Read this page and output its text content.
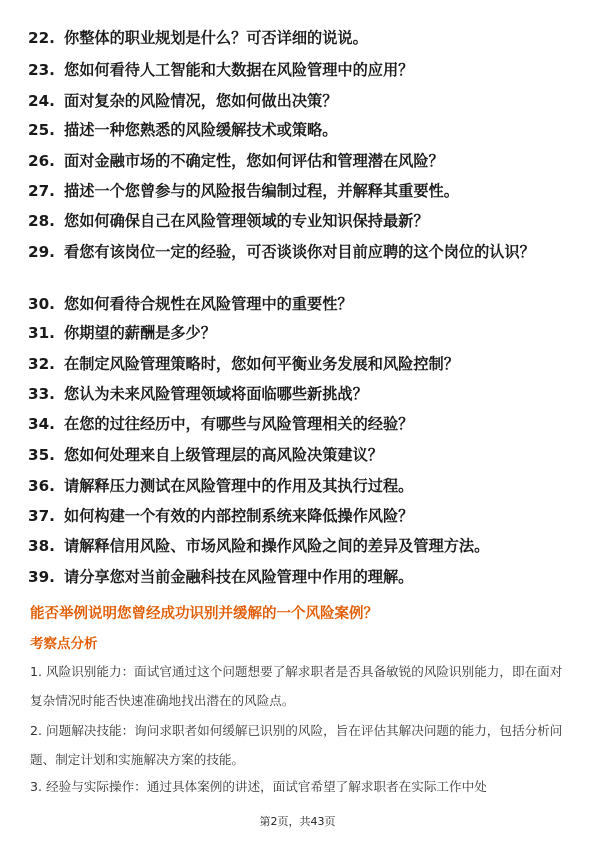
22. 你整体的职业规划是什么？可否详细的说说。
23. 您如何看待人工智能和大数据在风险管理中的应用？
24. 面对复杂的风险情况，您如何做出决策？
25. 描述一种您熟悉的风险缓解技术或策略。
26. 面对金融市场的不确定性，您如何评估和管理潜在风险？
27. 描述一个您曾参与的风险报告编制过程，并解释其重要性。
28. 您如何确保自己在风险管理领域的专业知识保持最新？
29. 看您有该岗位一定的经验，可否谈谈你对目前应聘的这个岗位的认识？
30. 您如何看待合规性在风险管理中的重要性？
31. 你期望的薪酬是多少？
32. 在制定风险管理策略时，您如何平衡业务发展和风险控制？
33. 您认为未来风险管理领域将面临哪些新挑战？
34. 在您的过往经历中，有哪些与风险管理相关的经验？
35. 您如何处理来自上级管理层的高风险决策建议？
36. 请解释压力测试在风险管理中的作用及其执行过程。
37. 如何构建一个有效的内部控制系统来降低操作风险？
38. 请解释信用风险、市场风险和操作风险之间的差异及管理方法。
39. 请分享您对当前金融科技在风险管理中作用的理解。
能否举例说明您曾经成功识别并缓解的一个风险案例？
考察点分析
1. 风险识别能力：面试官通过这个问题想要了解求职者是否具备敏锐的风险识别能力，即在面对复杂情况时能否快速准确地找出潜在的风险点。
2. 问题解决技能：询问求职者如何缓解已识别的风险，旨在评估其解决问题的能力，包括分析问题、制定计划和实施解决方案的技能。
3. 经验与实际操作：通过具体案例的讲述，面试官希望了解求职者在实际工作中处
第2页，共43页
